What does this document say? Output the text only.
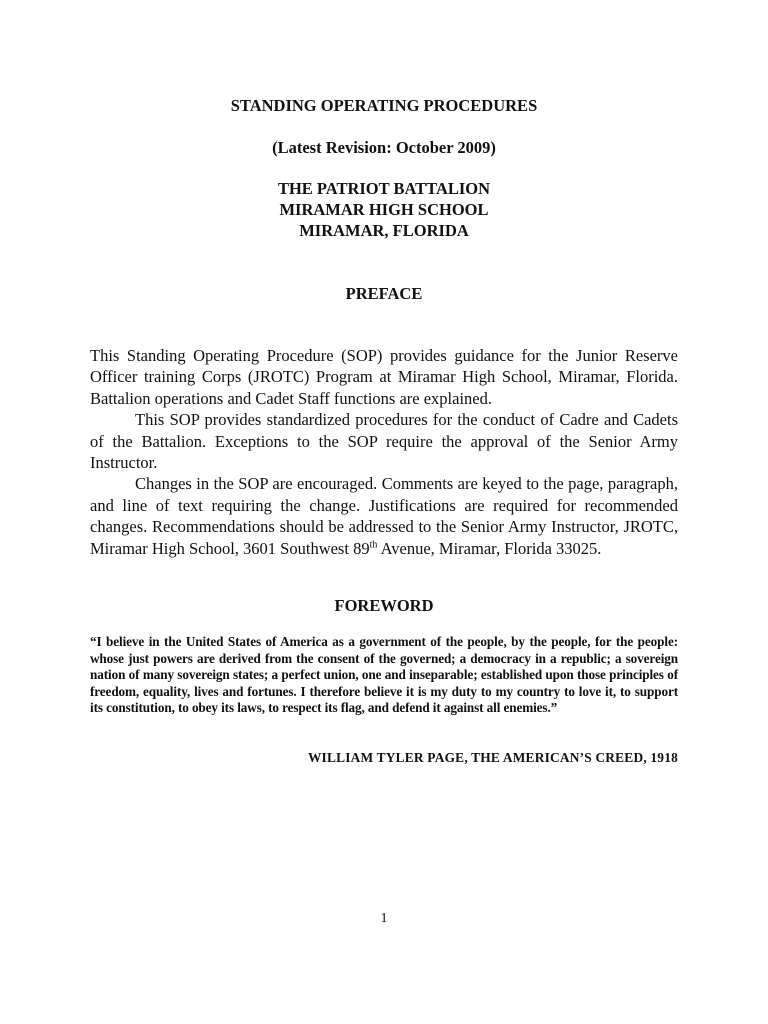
STANDING OPERATING PROCEDURES
(Latest Revision: October 2009)
THE PATRIOT BATTALION
MIRAMAR HIGH SCHOOL
MIRAMAR, FLORIDA
PREFACE

This Standing Operating Procedure (SOP) provides guidance for the Junior Reserve Officer training Corps (JROTC) Program at Miramar High School, Miramar, Florida. Battalion operations and Cadet Staff functions are explained.

This SOP provides standardized procedures for the conduct of Cadre and Cadets of the Battalion. Exceptions to the SOP require the approval of the Senior Army Instructor.

Changes in the SOP are encouraged. Comments are keyed to the page, paragraph, and line of text requiring the change. Justifications are required for recommended changes. Recommendations should be addressed to the Senior Army Instructor, JROTC, Miramar High School, 3601 Southwest 89th Avenue, Miramar, Florida 33025.

FOREWORD
“I believe in the United States of America as a government of the people, by the people, for the people: whose just powers are derived from the consent of the governed; a democracy in a republic; a sovereign nation of many sovereign states; a perfect union, one and inseparable; established upon those principles of freedom, equality, lives and fortunes. I therefore believe it is my duty to my country to love it, to support its constitution, to obey its laws, to respect its flag, and defend it against all enemies.”
WILLIAM TYLER PAGE, THE AMERICAN’S CREED, 1918
1
